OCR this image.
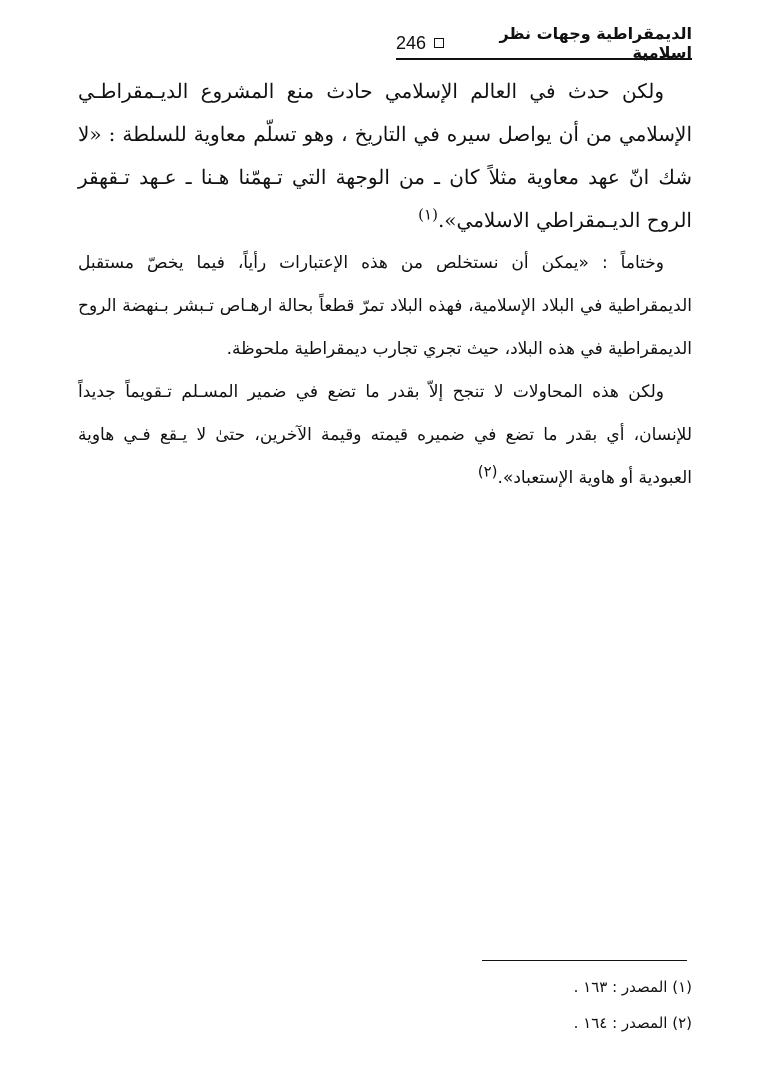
246	الديمقراطية وجهات نظر اسلامية

ولكن حدث في العالم الإسلامي حادث منع المشروع الديـمقراطـي الإسلامي من أن يواصل سيره في التاريخ ، وهو تسلّم معاوية للسلطة : «لا شك انّ عهد معاوية مثلاً كان ـ من الوجهة التي تـهمّنا هـنا ـ عـهد تـقهقر الروح الديـمقراطي الاسلامي».$^{(١)}$

وختاماً : «يمكن أن نستخلص من هذه الإعتبارات رأياً، فيما يخصّ مستقبل الديمقراطية في البلاد الإسلامية، فهذه البلاد تمرّ قطعاً بحالة ارهـاص تـبشر بـنهضة الروح الديمقراطية في هذه البلاد، حيث تجري تجارب ديمقراطية ملحوظة.

ولكن هذه المحاولات لا تنجح إلاّ بقدر ما تضع في ضمير المسـلم تـقويماً جديداً للإنسان، أي بقدر ما تضع في ضميره قيمته وقيمة الآخرين، حتىٰ لا يـقع فـي هاوية العبودية أو هاوية الإستعباد».(٢)

(١) المصدر : ١٦٣ .

(٢) المصدر : ١٦٤ .
